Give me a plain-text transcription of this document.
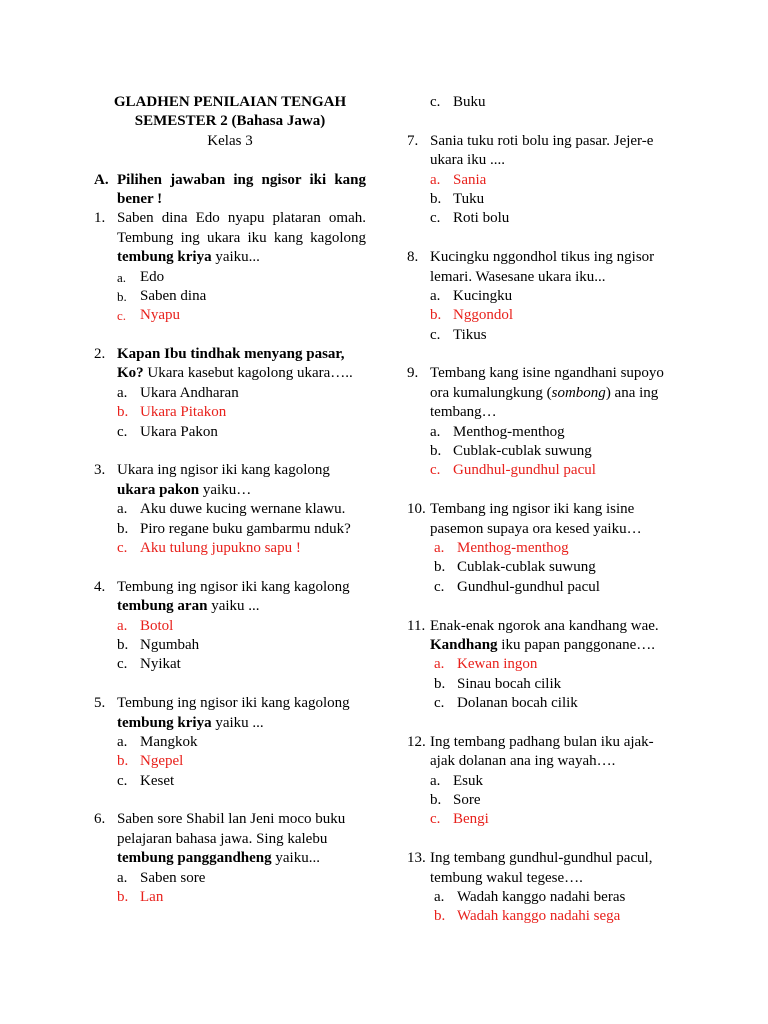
GLADHEN PENILAIAN TENGAH
SEMESTER 2 (Bahasa Jawa)
Kelas 3
A. Pilihen jawaban ing ngisor iki kang
bener !
1. Saben dina Edo nyapu plataran omah.
Tembung ing ukara iku kang kagolong
tembung kriya yaiku...
a. Edo
b. Saben dina
c. Nyapu
2. Kapan Ibu tindhak menyang pasar,
Ko? Ukara kasebut kagolong ukara…..
a. Ukara Andharan
b. Ukara Pitakon
c. Ukara Pakon
3. Ukara ing ngisor iki kang kagolong
ukara pakon yaiku…
a. Aku duwe kucing wernane klawu.
b. Piro regane buku gambarmu nduk?
c. Aku tulung jupukno sapu !
4. Tembung ing ngisor iki kang kagolong
tembung aran yaiku ...
a. Botol
b. Ngumbah
c. Nyikat
5. Tembung ing ngisor iki kang kagolong
tembung kriya yaiku ...
a. Mangkok
b. Ngepel
c. Keset
6. Saben sore Shabil lan Jeni moco buku
pelajaran bahasa jawa. Sing kalebu
tembung panggandheng yaiku...
a. Saben sore
b. Lan
c. Buku
7. Sania tuku roti bolu ing pasar. Jejer-e
ukara iku ....
a. Sania
b. Tuku
c. Roti bolu
8. Kucingku nggondhol tikus ing ngisor
lemari. Wasesane ukara iku...
a. Kucingku
b. Nggondol
c. Tikus
9. Tembang kang isine ngandhani supoyo
ora kumalungkung (sombong) ana ing
tembang…
a. Menthog-menthog
b. Cublak-cublak suwung
c. Gundhul-gundhul pacul
10. Tembang ing ngisor iki kang isine
pasemon supaya ora kesed yaiku…
a. Menthog-menthog
b. Cublak-cublak suwung
c. Gundhul-gundhul pacul
11. Enak-enak ngorok ana kandhang wae.
Kandhang iku papan panggonane….
a. Kewan ingon
b. Sinau bocah cilik
c. Dolanan bocah cilik
12. Ing tembang padhang bulan iku ajak-
ajak dolanan ana ing wayah….
a. Esuk
b. Sore
c. Bengi
13. Ing tembang gundhul-gundhul pacul,
tembung wakul tegese….
a. Wadah kanggo nadahi beras
b. Wadah kanggo nadahi sega
